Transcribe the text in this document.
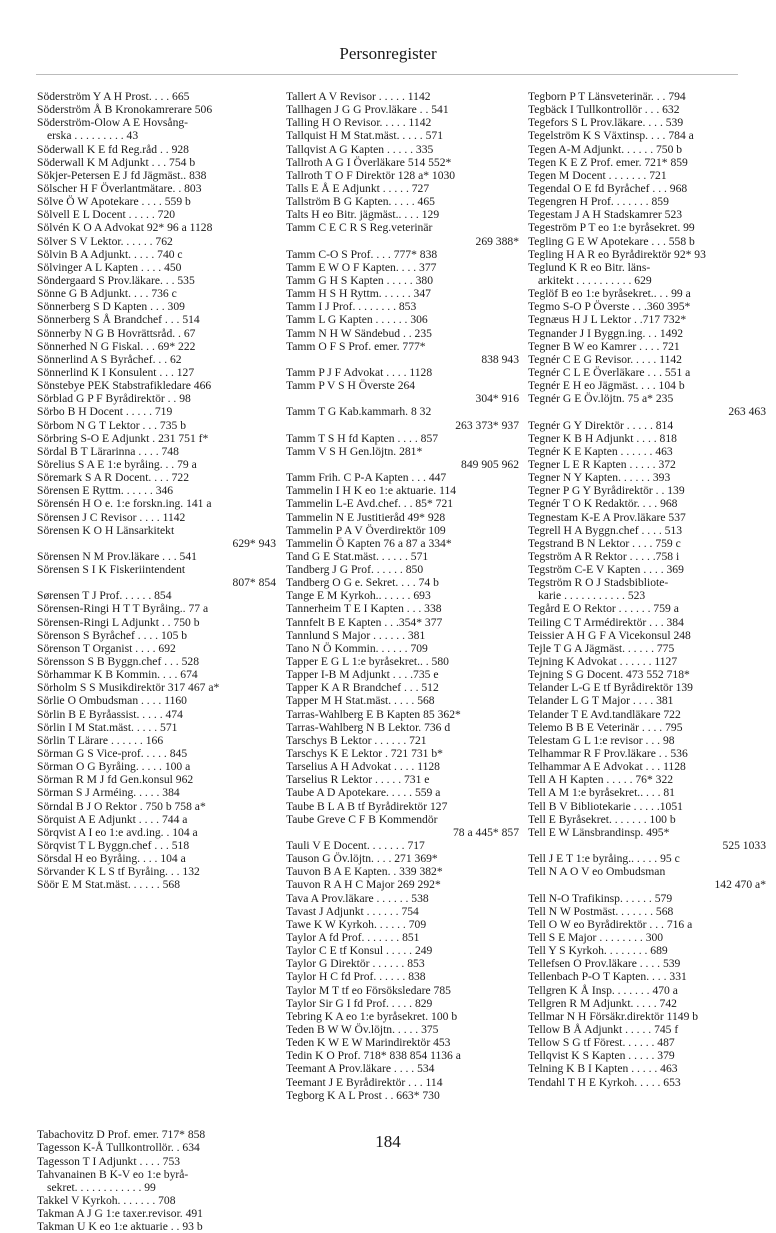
Personregister
Söderström Y A H Prost. . . . 665
Söderström Å B Kronokamrerare 506
Söderström-Olow A E Hovsång-
erska . . . . . . . . . 43
Söderwall K E fd Reg.råd . . 928
Söderwall K M Adjunkt . . . 754 b
Sökjer-Petersen E J fd Jägmäst.. 838
Sölscher H F Överlantmätare. . 803
Sölve Ö W Apotekare . . . . 559 b
Sölvell E L Docent . . . . . 720
Sölvén K O A Advokat 92* 96 a 1128
Sölver S V Lektor. . . . . . 762
Sölvin B A Adjunkt. . . . . 740 c
Sölvinger A L Kapten . . . . 450
Söndergaard S Prov.läkare. . . 535
Sönne G B Adjunkt. . . . 736 c
Sönnerberg S D Kapten . . . 309
Sönnerberg S Å Brandchef . . . 514
Sönnerby N G B Hovrättsråd. . 67
Sönnerhed N G Fiskal. . . 69* 222
Sönnerlind A S Byråchef. . . 62
Sönnerlind K I Konsulent . . . 127
Sönstebye PEK Stabstrafikledare 466
Sörblad G P F Byrådirektör . . 98
Sörbo B H Docent . . . . . 719
Sörbom N G T Lektor . . . 735 b
Sörbring S-O E Adjunkt . 231 751 f*
Sördal B T Lärarinna . . . . 748
Sörelius S A E 1:e byråing. . . 79 a
Söremark S A R Docent. . . . 722
Sörensen E Ryttm. . . . . . 346
Sörensén H O e. 1:e forskn.ing. 141 a
Sörensen J C Revisor . . . . 1142
Sörensen K O H Länsarkitekt
629* 943
Sörensen N M Prov.läkare . . . 541
Sörensen S I K Fiskeriintendent
807* 854
Sørensen T J Prof. . . . . . 854
Sörensen-Ringi H T T Byråing.. 77 a
Sörensen-Ringi L Adjunkt . . 750 b
Sörenson S Byråchef . . . . 105 b
Sörenson T Organist . . . . 692
Sörensson S B Byggn.chef . . . 528
Sörhammar K B Kommin. . . . 674
Sörholm S S Musikdirektör 317 467 a*
Sörlie O Ombudsman . . . . 1160
Sörlin B E Byråassist. . . . . 474
Sörlin I M Stat.mäst. . . . . 571
Sörlin T Lärare . . . . . . 166
Sörman G S Vice-prof. . . . . 845
Sörman O G Byråing. . . . . 100 a
Sörman R M J fd Gen.konsul 962
Sörman S J Arméing. . . . . 384
Sörndal B J O Rektor . 750 b 758 a*
Sörquist A E Adjunkt . . . . 744 a
Sörqvist A I eo 1:e avd.ing. . 104 a
Sörqvist T L Byggn.chef . . . 518
Sörsdal H eo Byråing. . . . 104 a
Sörvander K L S tf Byråing. . . 132
Söör E M Stat.mäst. . . . . . 568
Tabachovitz D Prof. emer. 717* 858
Tagesson K-Å Tullkontrollör. . 634
Tagesson T I Adjunkt . . . . 753
Tahvanainen B K-V eo 1:e byrå-
sekret. . . . . . . . . . . . 99
Takkel V Kyrkoh. . . . . . . 708
Takman A J G 1:e taxer.revisor. 491
Takman U K eo 1:e aktuarie . . 93 b
Tallert A V Revisor . . . . . 1142
Tallhagen J G G Prov.läkare . . 541
Talling H O Revisor. . . . . 1142
Tallquist H M Stat.mäst. . . . . 571
Tallqvist A G Kapten . . . . . 335
Tallroth A G I Överläkare 514 552*
Tallroth T O F Direktör 128 a* 1030
Talls E Å E Adjunkt . . . . . 727
Tallström B G Kapten. . . . . 465
Talts H eo Bitr. jägmäst.. . . . 129
Tamm C E C R S Reg.veterinär
269 388*
Tamm C-O S Prof. . . . 777* 838
Tamm E W O F Kapten. . . . 377
Tamm G H S Kapten . . . . . 380
Tamm H S H Ryttm. . . . . . 347
Tamm I J Prof. . . . . . . . 853
Tamm L G Kapten . . . . . . 306
Tamm N H W Sändebud . . 235
Tamm O F S Prof. emer. 777*
838 943
Tamm P J F Advokat . . . . 1128
Tamm P V S H Överste 264
304* 916
Tamm T G Kab.kammarh. 8 32
263 373* 937
Tamm T S H fd Kapten . . . . 857
Tamm V S H Gen.löjtn. 281*
849 905 962
Tamm Frih. C P-A Kapten . . . 447
Tammelin I H K eo 1:e aktuarie. 114
Tammelin L-E Avd.chef. . . 85* 721
Tammelin N E Justitieråd 49* 928
Tammelin P A V Överdirektör 109
Tammelin Ö Kapten 76 a 87 a 334*
Tand G E Stat.mäst. . . . . . 571
Tandberg J G Prof. . . . . . 850
Tandberg O G e. Sekret. . . . 74 b
Tange E M Kyrkoh.. . . . . . 693
Tannerheim T E I Kapten . . . 338
Tannfelt B E Kapten . . .354* 377
Tannlund S Major . . . . . . 381
Tano N Ö Kommin. . . . . . 709
Tapper E G L 1:e byråsekret.. . 580
Tapper I-B M Adjunkt . . . .735 e
Tapper K A R Brandchef . . . 512
Tapper M H Stat.mäst. . . . . 568
Tarras-Wahlberg E B Kapten 85 362*
Tarras-Wahlberg N B Lektor. 736 d
Tarschys B Lektor . . . . . . 721
Tarschys K E Lektor . 721 731 b*
Tarselius A H Advokat . . . . 1128
Tarselius R Lektor . . . . . 731 e
Taube A D Apotekare. . . . . 559 a
Taube B L A B tf Byrådirektör 127
Taube Greve C F B Kommendör
78 a 445* 857
Tauli V E Docent. . . . . . . 717
Tauson G Öv.löjtn. . . . 271 369*
Tauvon B A E Kapten. . 339 382*
Tauvon R A H C Major 269 292*
Tava A Prov.läkare . . . . . . 538
Tavast J Adjunkt . . . . . . 754
Tawe K W Kyrkoh. . . . . . 709
Taylor A fd Prof. . . . . . . 851
Taylor C E tf Konsul . . . . . 249
Taylor G Direktör . . . . . . 853
Taylor H C fd Prof. . . . . . 838
Taylor M T tf eo Försöksledare 785
Taylor Sir G I fd Prof. . . . . 829
Tebring K A eo 1:e byråsekret. 100 b
Teden B W W Öv.löjtn. . . . . 375
Teden K W E W Marindirektör 453
Tedin K O Prof. 718* 838 854 1136 a
Teemant A Prov.läkare . . . . 534
Teemant J E Byrådirektör . . . 114
Tegborg K A L Prost . . 663* 730
Tegborn P T Länsveterinär. . . 794
Tegbäck I Tullkontrollör . . . 632
Tegefors S L Prov.läkare. . . . 539
Tegelström K S Växtinsp. . . . 784 a
Tegen A-M Adjunkt. . . . . . 750 b
Tegen K E Z Prof. emer. 721* 859
Tegen M Docent . . . . . . . 721
Tegendal O E fd Byråchef . . . 968
Tegengren H Prof. . . . . . . 859
Tegestam J A H Stadskamrer 523
Tegeström P T eo 1:e byråsekret. 99
Tegling G E W Apotekare . . . 558 b
Tegling H A R eo Byrådirektör 92* 93
Teglund K R eo Bitr. läns-
arkitekt . . . . . . . . . . 629
Teglöf B eo 1:e byråsekret.. . . 99 a
Tegmo S-O P Överste . . .360 395*
Tegnæus H J L Lektor . .717 732*
Tegnander J I Byggn.ing. . . 1492
Tegner B W eo Kamrer . . . . 721
Tegnér C E G Revisor. . . . . 1142
Tegnér C L E Överläkare . . . 551 a
Tegnér E H eo Jägmäst. . . . 104 b
Tegnér G E Öv.löjtn. 75 a* 235
263 463
Tegnér G Y Direktör . . . . . 814
Tegner K B H Adjunkt . . . . 818
Tegnér K E Kapten . . . . . . 463
Tegner L E R Kapten . . . . . 372
Tegner N Y Kapten. . . . . . 393
Tegner P G Y Byrådirektör . . 139
Tegnér T O K Redaktör. . . . 968
Tegnestam K-E A Prov.läkare 537
Tegrell H A Byggn.chef . . . . 513
Tegstrand B N Lektor . . . . 759 c
Tegström A R Rektor . . . . .758 i
Tegström C-E V Kapten . . . . 369
Tegström R O J Stadsbibliote-
karie . . . . . . . . . . . 523
Tegård E O Rektor . . . . . . 759 a
Teiling C T Armédirektör . . . 384
Teissier A H G F A Vicekonsul 248
Tejle T G A Jägmäst. . . . . . 775
Tejning K Advokat . . . . . . 1127
Tejning S G Docent. 473 552 718*
Telander L-G E tf Byrådirektör 139
Telander L G T Major . . . . 381
Telander T E Avd.tandläkare 722
Telemo B B E Veterinär . . . . 795
Telestam G L 1:e revisor . . . 98
Telhammar R F Prov.läkare . . 536
Telhammar A E Advokat . . . 1128
Tell A H Kapten . . . . . 76* 322
Tell A M 1:e byråsekret.. . . . 81
Tell B V Bibliotekarie . . . . .1051
Tell E Byråsekret. . . . . . . 100 b
Tell E W Länsbrandinsp. 495*
525 1033
Tell J E T 1:e byråing.. . . . . 95 c
Tell N A O V eo Ombudsman
142 470 a*
Tell N-O Trafikinsp. . . . . . 579
Tell N W Postmäst. . . . . . . 568
Tell O W eo Byrådirektör . . . 716 a
Tell S E Major . . . . . . . . 300
Tell Y S Kyrkoh. . . . . . . . 689
Tellefsen O Prov.läkare . . . . 539
Tellenbach P-O T Kapten. . . . 331
Tellgren K Å Insp. . . . . . . 470 a
Tellgren R M Adjunkt. . . . . 742
Tellmar N H Försäkr.direktör 1149 b
Tellow B Å Adjunkt . . . . . 745 f
Tellow S G tf Förest. . . . . . 487
Tellqvist K S Kapten . . . . . 379
Telning K B I Kapten . . . . . 463
Tendahl T H E Kyrkoh. . . . . 653
184
